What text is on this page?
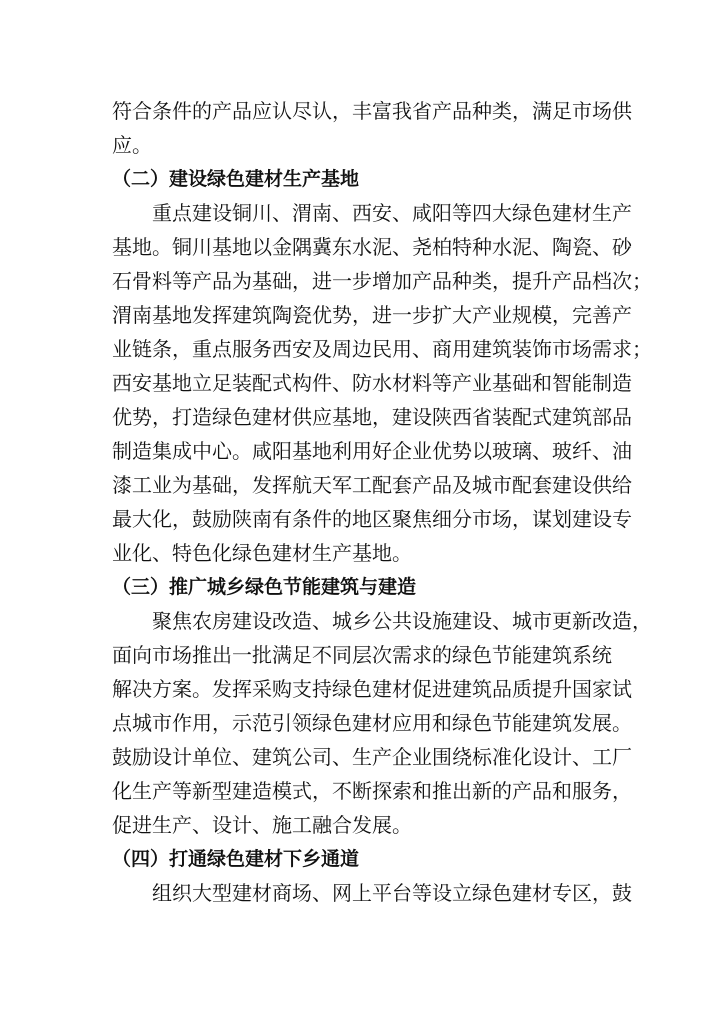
符合条件的产品应认尽认，丰富我省产品种类，满足市场供
应。
（二）建设绿色建材生产基地
重点建设铜川、渭南、西安、咸阳等四大绿色建材生产
基地。铜川基地以金隅冀东水泥、尧柏特种水泥、陶瓷、砂
石骨料等产品为基础，进一步增加产品种类，提升产品档次；
渭南基地发挥建筑陶瓷优势，进一步扩大产业规模，完善产
业链条，重点服务西安及周边民用、商用建筑装饰市场需求；
西安基地立足装配式构件、防水材料等产业基础和智能制造
优势，打造绿色建材供应基地，建设陕西省装配式建筑部品
制造集成中心。咸阳基地利用好企业优势以玻璃、玻纤、油
漆工业为基础，发挥航天军工配套产品及城市配套建设供给
最大化，鼓励陕南有条件的地区聚焦细分市场，谋划建设专
业化、特色化绿色建材生产基地。
（三）推广城乡绿色节能建筑与建造
聚焦农房建设改造、城乡公共设施建设、城市更新改造，
面向市场推出一批满足不同层次需求的绿色节能建筑系统
解决方案。发挥采购支持绿色建材促进建筑品质提升国家试
点城市作用，示范引领绿色建材应用和绿色节能建筑发展。
鼓励设计单位、建筑公司、生产企业围绕标准化设计、工厂
化生产等新型建造模式，不断探索和推出新的产品和服务，
促进生产、设计、施工融合发展。
（四）打通绿色建材下乡通道
组织大型建材商场、网上平台等设立绿色建材专区，鼓
